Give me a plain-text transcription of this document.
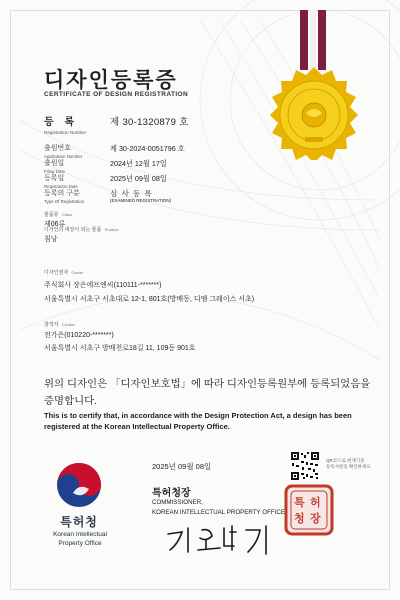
디자인등록증
CERTIFICATE OF DESIGN REGISTRATION
등 록
Registration Number
제 30-1320879 호
출원번호
Application Number
제 30-2024-0051796 호
출원일
Filing Date
2024년 12월 17일
등록일
Registration Date
2025년 09월 08일
등록의 구분
Type Of Registration
심 사 등 록
(EXAMINED REGISTRATION)
물품류 Class
제06류
디자인의 대상이 되는 물품 Product
침낭
디자인권자 Owner
주식회사 장은에프엔씨(110111-*******)
서울특별시 서초구 서초대로 12-1, 801호(방배동, 디엠 그레이스 서초)
창작자 Creator
전가은(010220-*******)
서울특별시 서초구 방배천로18길 11, 109동 901호
위의 디자인은 「디자인보호법」에 따라 디자인등록원부에 등록되었음을 증명합니다.
This is to certify that, in accordance with the Design Protection Act, a design has been registered at the Korean Intellectual Property Office.
특허청
Korean Intellectual
Property Office
2025년 09월 08일
특허청장
COMMISSIONER,
KOREAN INTELLECTUAL PROPERTY OFFICE
QR코드로 현재기준
등록사항을 확인하세요
특 허
청 장
